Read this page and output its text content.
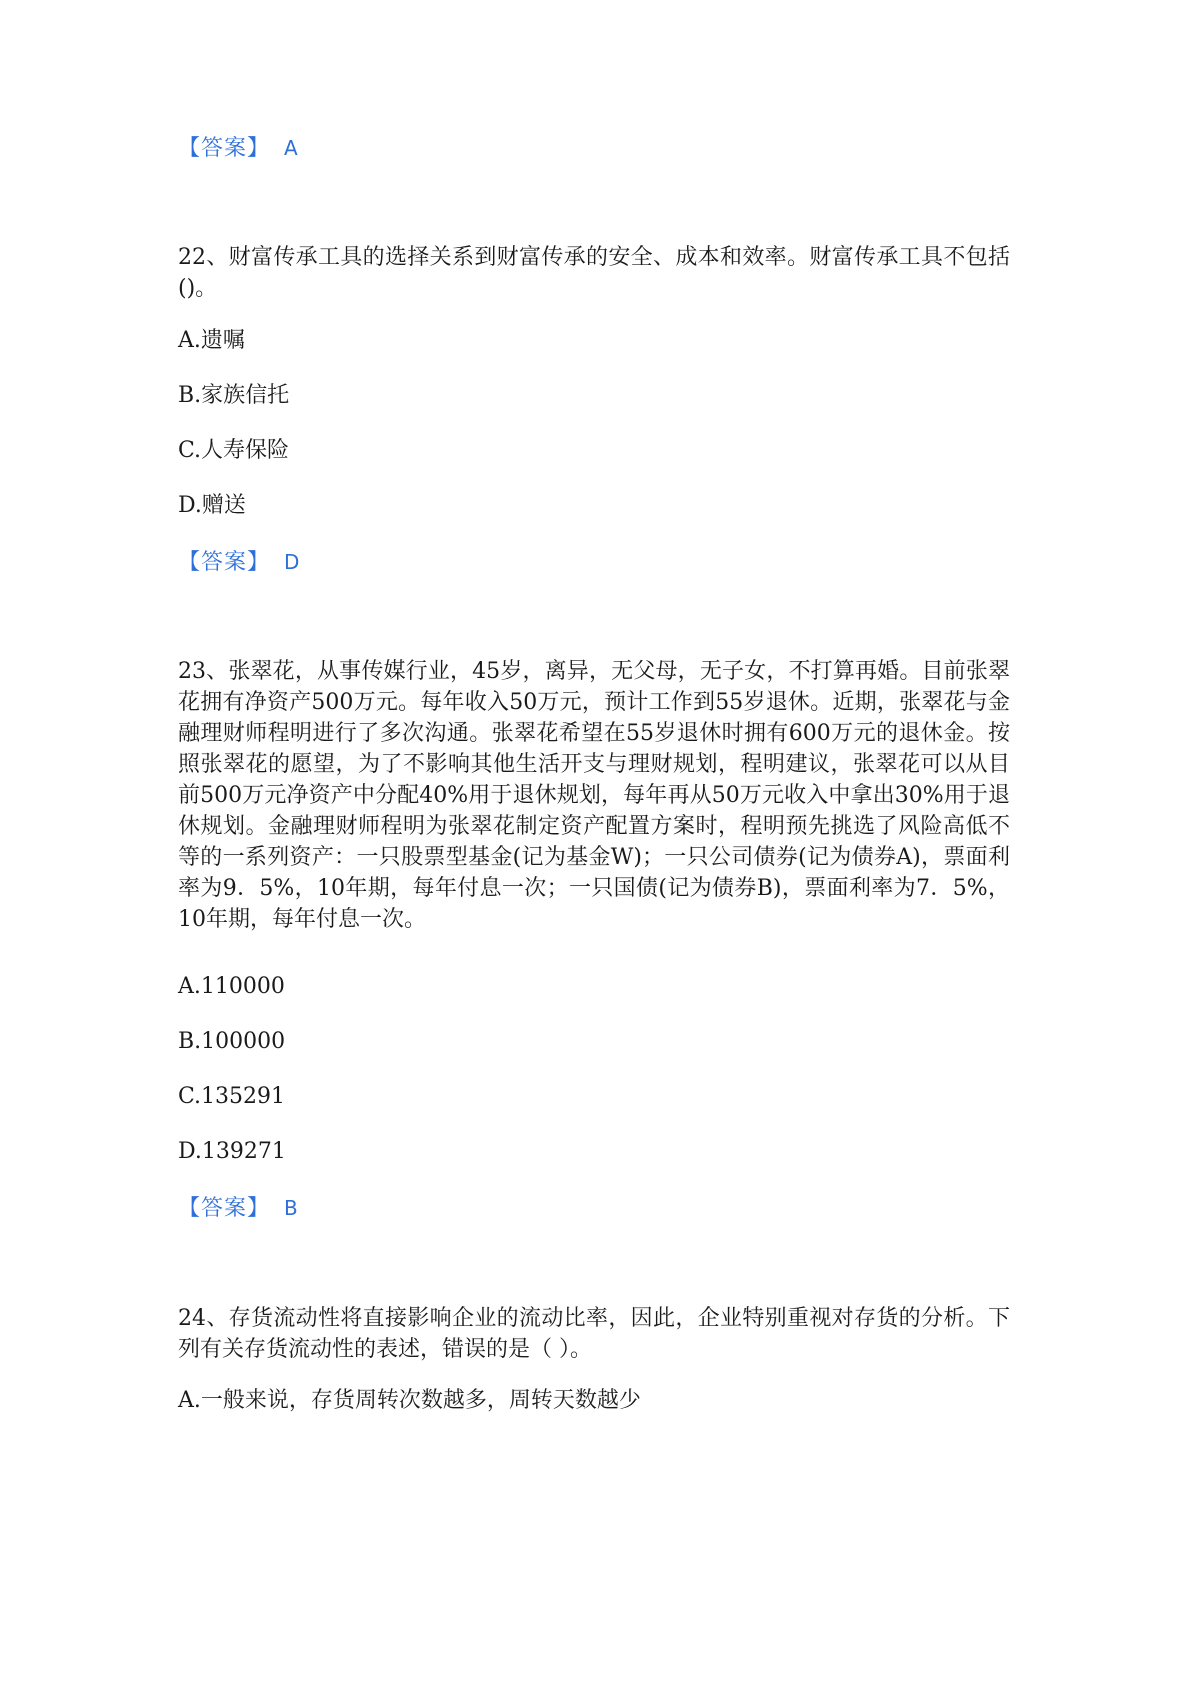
【答案】 A

22、财富传承工具的选择关系到财富传承的安全、成本和效率。财富传承工具不包括()。

A.遗嘱

B.家族信托

C.人寿保险

D.赠送

【答案】 D

23、张翠花，从事传媒行业，45岁，离异，无父母，无子女，不打算再婚。目前张翠花拥有净资产500万元。每年收入50万元，预计工作到55岁退休。近期，张翠花与金融理财师程明进行了多次沟通。张翠花希望在55岁退休时拥有600万元的退休金。按照张翠花的愿望，为了不影响其他生活开支与理财规划，程明建议，张翠花可以从目前500万元净资产中分配40%用于退休规划，每年再从50万元收入中拿出30%用于退休规划。金融理财师程明为张翠花制定资产配置方案时，程明预先挑选了风险高低不等的一系列资产：一只股票型基金(记为基金W)；一只公司债券(记为债券A)，票面利率为9．5%，10年期，每年付息一次；一只国债(记为债券B)，票面利率为7．5%，10年期，每年付息一次。

A.110000

B.100000

C.135291

D.139271

【答案】 B

24、存货流动性将直接影响企业的流动比率，因此，企业特别重视对存货的分析。下列有关存货流动性的表述，错误的是（ ）。

A.一般来说，存货周转次数越多，周转天数越少
